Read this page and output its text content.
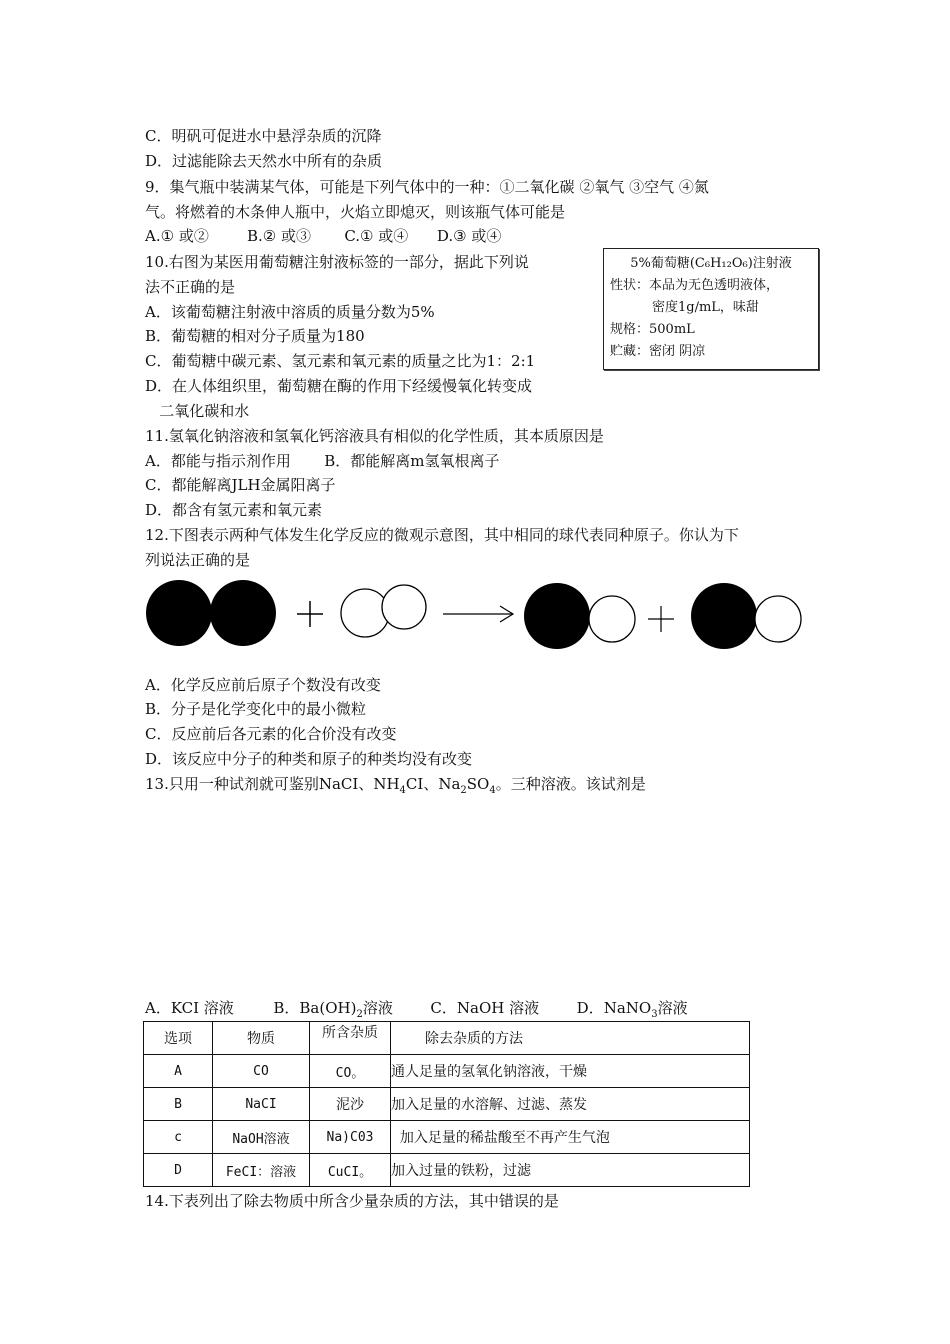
C．明矾可促进水中悬浮杂质的沉降
D．过滤能除去天然水中所有的杂质
9．集气瓶中装满某气体，可能是下列气体中的一种：①二氧化碳 ②氧气 ③空气 ④氮
气。将燃着的木条伸人瓶中，火焰立即熄灭，则该瓶气体可能是
A.① 或②        B.② 或③       C.① 或④      D.③ 或④
10.右图为某医用葡萄糖注射液标签的一部分，据此下列说
法不正确的是
A．该葡萄糖注射液中溶质的质量分数为5%
B．葡萄糖的相对分子质量为180
C．葡萄糖中碳元素、氢元素和氧元素的质量之比为1：2:1
D．在人体组织里，葡萄糖在酶的作用下经缓慢氧化转变成
二氧化碳和水
11.氢氧化钠溶液和氢氧化钙溶液具有相似的化学性质，其本质原因是
A．都能与指示剂作用       B．都能解离m氢氧根离子
C．都能解离JLH金属阳离子
D．都含有氢元素和氧元素
12.下图表示两种气体发生化学反应的微观示意图，其中相同的球代表同种原子。你认为下
列说法正确的是
A．化学反应前后原子个数没有改变
B．分子是化学变化中的最小微粒
C．反应前后各元素的化合价没有改变
D．该反应中分子的种类和原子的种类均没有改变
13.只用一种试剂就可鉴别NaCI、$NH_4CI$、$Na_2SO_4$。三种溶液。该试剂是
A．KCI 溶液	B．$Ba(OH)_2$溶液	C．NaOH 溶液	D．NaNO$_3$溶液
5%葡萄糖(C₆H₁₂O₆)注射液
性状：本品为无色透明液体，
密度1g/mL，味甜
规格：500mL
贮藏：密闭 阴凉
选项	物质	所含杂质	除去杂质的方法
A	CO	CO。	通人足量的氢氧化钠溶液，干燥
B	NaCI	泥沙	加入足量的水溶解、过滤、蒸发
c	NaOH溶液	Na)C03	加入足量的稀盐酸至不再产生气泡
D	FeCI：溶液	CuCI。	加入过量的铁粉，过滤
14.下表列出了除去物质中所含少量杂质的方法，其中错误的是
